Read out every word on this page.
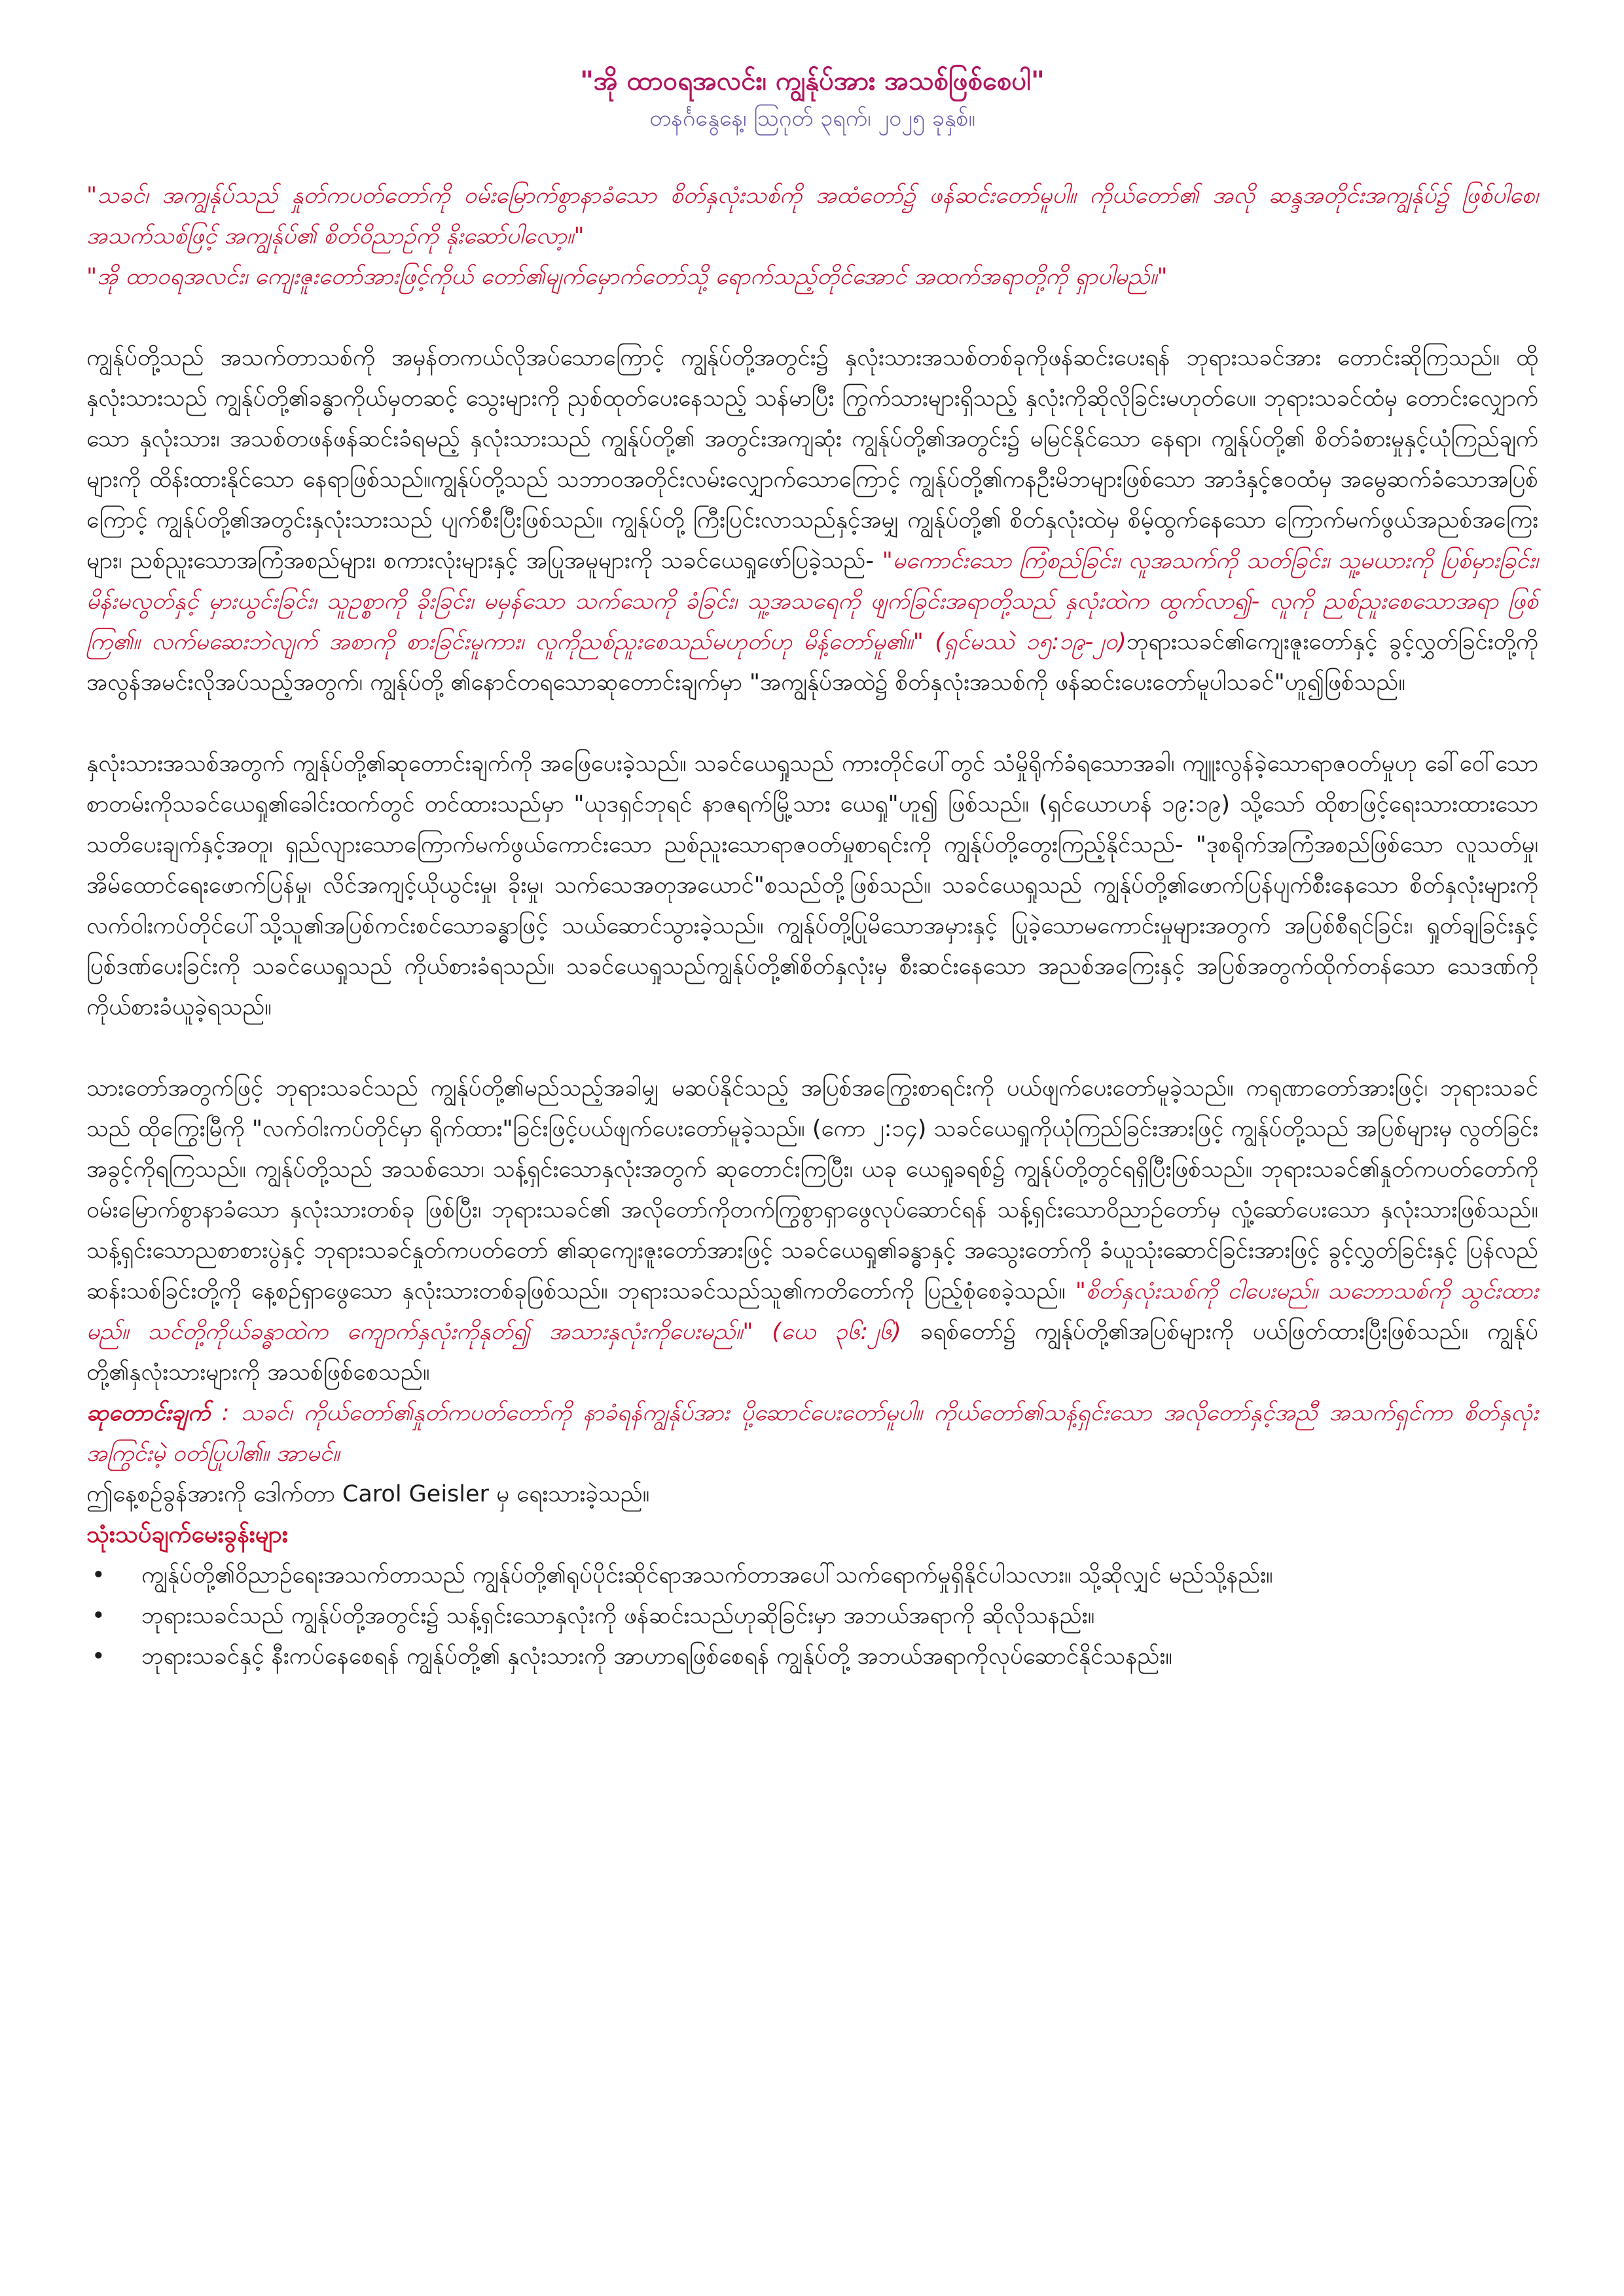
"အို ထာဝရအလင်း၊ ကျွန်ုပ်အား အသစ်ဖြစ်စေပါ"

တနင်္ဂနွေနေ့၊ ဩဂုတ် ၃ရက်၊ ၂၀၂၅ ခုနှစ်။

"သခင်၊ အကျွန်ုပ်သည် နှုတ်ကပတ်တော်ကို ဝမ်းမြောက်စွာနာခံသော စိတ်နှလုံးသစ်ကို အထံတော်၌ ဖန်ဆင်းတော်မူပါ။ ကိုယ်တော်၏ အလို ဆန္ဒအတိုင်းအကျွန်ုပ်၌ ဖြစ်ပါစေ၊ အသက်သစ်ဖြင့် အကျွန်ုပ်၏ စိတ်ဝိညာဉ်ကို နိုးဆော်ပါလော့။"

"အို ထာဝရအလင်း၊ ကျေးဇူးတော်အားဖြင့်ကိုယ် တော်၏မျက်မှောက်တော်သို့ ရောက်သည့်တိုင်အောင် အထက်အရာတို့ကို ရှာပါမည်။"

ကျွန်ုပ်တို့သည် အသက်တာသစ်ကို အမှန်တကယ်လိုအပ်သောကြောင့် ကျွန်ုပ်တို့အတွင်း၌ နှလုံးသားအသစ်တစ်ခုကိုဖန်ဆင်းပေးရန် ဘုရားသခင်အား တောင်းဆိုကြသည်။ ထိုနှလုံးသားသည် ကျွန်ုပ်တို့၏ခန္ဓာကိုယ်မှတဆင့် သွေးများကို ညှစ်ထုတ်ပေးနေသည့် သန်မာပြီး ကြွက်သားများရှိသည့် နှလုံးကိုဆိုလိုခြင်းမဟုတ်ပေ။ ဘုရားသခင်ထံမှ တောင်းလျှောက်သော နှလုံးသား၊ အသစ်တဖန်ဖန်ဆင်းခံရမည့် နှလုံးသားသည် ကျွန်ုပ်တို့၏ အတွင်းအကျဆုံး ကျွန်ုပ်တို့၏အတွင်း၌ မမြင်နိုင်သော နေရာ၊ ကျွန်ုပ်တို့၏ စိတ်ခံစားမှုနှင့်ယုံကြည်ချက်များကို ထိန်းထားနိုင်သော နေရာဖြစ်သည်။ကျွန်ုပ်တို့သည် သဘာဝအတိုင်းလမ်းလျှောက်သောကြောင့် ကျွန်ုပ်တို့၏ကနဦးမိဘများဖြစ်သော အာဒံနှင့်ဧဝထံမှ အမွေဆက်ခံသောအပြစ်ကြောင့် ကျွန်ုပ်တို့၏အတွင်းနှလုံးသားသည် ပျက်စီးပြီးဖြစ်သည်။ ကျွန်ုပ်တို့ ကြီးပြင်းလာသည်နှင့်အမျှ ကျွန်ုပ်တို့၏ စိတ်နှလုံးထဲမှ စိမ့်ထွက်နေသော ကြောက်မက်ဖွယ်အညစ်အကြေးများ၊ ညစ်ညူးသောအကြံအစည်များ၊ စကားလုံးများနှင့် အပြုအမူများကို သခင်ယေရှုဖော်ပြခဲ့သည်- "မကောင်းသော ကြံစည်ခြင်း၊ လူအသက်ကို သတ်ခြင်း၊ သူ့မယားကို ပြစ်မှားခြင်း၊ မိန်းမလွတ်နှင့် မှားယွင်းခြင်း၊ သူဥစ္စာကို ခိုးခြင်း၊ မမှန်သော သက်သေကို ခံခြင်း၊ သူ့အသရေကို ဖျက်ခြင်းအရာတို့သည် နှလုံးထဲက ထွက်လာ၍- လူကို ညစ်ညူးစေသောအရာ ဖြစ်ကြ၏။ လက်မဆေးဘဲလျက် အစာကို စားခြင်းမူကား၊ လူကိုညစ်ညူးစေသည်မဟုတ်ဟု မိန့်တော်မူ၏။" (ရှင်မဿဲ ၁၅:၁၉-၂၀)ဘုရားသခင်၏ကျေးဇူးတော်နှင့် ခွင့်လွှတ်ခြင်းတို့ကို အလွန်အမင်းလိုအပ်သည့်အတွက်၊ ကျွန်ုပ်တို့ ၏နောင်တရသောဆုတောင်းချက်မှာ "အကျွန်ုပ်အထဲ၌ စိတ်နှလုံးအသစ်ကို ဖန်ဆင်းပေးတော်မူပါသခင်"ဟူ၍ဖြစ်သည်။

နှလုံးသားအသစ်အတွက် ကျွန်ုပ်တို့၏ဆုတောင်းချက်ကို အဖြေပေးခဲ့သည်။ သခင်ယေရှုသည် ကားတိုင်ပေါ်တွင် သံမှိုရိုက်ခံရသောအခါ၊ ကျူးလွန်ခဲ့သောရာဇဝတ်မှုဟု ခေါ်ဝေါ်သောစာတမ်းကိုသခင်ယေရှု၏ခေါင်းထက်တွင် တင်ထားသည်မှာ "ယုဒရှင်ဘုရင် နာဇရက်မြို့သား ယေရှု"ဟူ၍ ဖြစ်သည်။ (ရှင်ယောဟန် ၁၉:၁၉) သို့သော် ထိုစာဖြင့်ရေးသားထားသောသတိပေးချက်နှင့်အတူ၊ ရှည်လျားသောကြောက်မက်ဖွယ်ကောင်းသော ညစ်ညူးသောရာဇဝတ်မှုစာရင်းကို ကျွန်ုပ်တို့တွေးကြည့်နိုင်သည်- "ဒုစရိုက်အကြံအစည်ဖြစ်သော လူသတ်မှု၊ အိမ်ထောင်ရေးဖောက်ပြန်မှု၊ လိင်အကျင့်ယိုယွင်းမှု၊ ခိုးမှု၊ သက်သေအတုအယောင်"စသည်တို့ဖြစ်သည်။ သခင်ယေရှုသည် ကျွန်ုပ်တို့၏ဖောက်ပြန်ပျက်စီးနေသော စိတ်နှလုံးများကို လက်ဝါးကပ်တိုင်ပေါ်သို့သူ၏အပြစ်ကင်းစင်သောခန္ဓာဖြင့် သယ်ဆောင်သွားခဲ့သည်။ ကျွန်ုပ်တို့ပြုမိသောအမှားနှင့် ပြုခဲ့သောမကောင်းမှုများအတွက် အပြစ်စီရင်ခြင်း၊ ရှုတ်ချခြင်းနှင့် ပြစ်ဒဏ်ပေးခြင်းကို သခင်ယေရှုသည် ကိုယ်စားခံရသည်။ သခင်ယေရှုသည်ကျွန်ုပ်တို့၏စိတ်နှလုံးမှ စီးဆင်းနေသော အညစ်အကြေးနှင့် အပြစ်အတွက်ထိုက်တန်သော သေဒဏ်ကို ကိုယ်စားခံယူခဲ့ရသည်။

သားတော်အတွက်ဖြင့် ဘုရားသခင်သည် ကျွန်ုပ်တို့၏မည်သည့်အခါမျှ မဆပ်နိုင်သည့် အပြစ်အကြွေးစာရင်းကို ပယ်ဖျက်ပေးတော်မူခဲ့သည်။ ကရုဏာတော်အားဖြင့်၊ ဘုရားသခင်သည် ထိုကြွေးမြီကို "လက်ဝါးကပ်တိုင်မှာ ရိုက်ထား"ခြင်းဖြင့်ပယ်ဖျက်ပေးတော်မူခဲ့သည်။ (ကော ၂:၁၄) သခင်ယေရှုကိုယုံကြည်ခြင်းအားဖြင့် ကျွန်ုပ်တို့သည် အပြစ်များမှ လွတ်ခြင်းအခွင့်ကိုရကြသည်။ ကျွန်ုပ်တို့သည် အသစ်သော၊ သန့်ရှင်းသောနှလုံးအတွက် ဆုတောင်းကြပြီး၊ ယခု ယေရှုခရစ်၌ ကျွန်ုပ်တို့တွင်ရရှိပြီးဖြစ်သည်။ ဘုရားသခင်၏နှုတ်ကပတ်တော်ကို ဝမ်းမြောက်စွာနာခံသော နှလုံးသားတစ်ခု ဖြစ်ပြီး၊ ဘုရားသခင်၏ အလိုတော်ကိုတက်ကြွစွာရှာဖွေလုပ်ဆောင်ရန် သန့်ရှင်းသောဝိညာဉ်တော်မှ လှုံ့ဆော်ပေးသော နှလုံးသားဖြစ်သည်။ သန့်ရှင်းသောညစာစားပွဲနှင့် ဘုရားသခင်နှုတ်ကပတ်တော် ၏ဆုကျေးဇူးတော်အားဖြင့် သခင်ယေရှု၏ခန္ဓာနှင့် အသွေးတော်ကို ခံယူသုံးဆောင်ခြင်းအားဖြင့် ခွင့်လွှတ်ခြင်းနှင့် ပြန်လည်ဆန်းသစ်ခြင်းတို့ကို နေ့စဉ်ရှာဖွေသော နှလုံးသားတစ်ခုဖြစ်သည်။ ဘုရားသခင်သည်သူ၏ကတိတော်ကို ပြည့်စုံစေခဲ့သည်။ "စိတ်နှလုံးသစ်ကို ငါပေးမည်။ သဘောသစ်ကို သွင်းထားမည်။ သင်တို့ကိုယ်ခန္ဓာထဲက ကျောက်နှလုံးကိုနုတ်၍ အသားနှလုံးကိုပေးမည်။" (ယေ ၃၆:၂၆) ခရစ်တော်၌ ကျွန်ုပ်တို့၏အပြစ်များကို ပယ်ဖြတ်ထားပြီးဖြစ်သည်။ ကျွန်ုပ်တို့၏နှလုံးသားများကို အသစ်ဖြစ်စေသည်။

ဆုတောင်းချက် : သခင်၊ ကိုယ်တော်၏နှုတ်ကပတ်တော်ကို နာခံရန်ကျွန်ုပ်အား ပို့ဆောင်ပေးတော်မူပါ။ ကိုယ်တော်၏သန့်ရှင်းသော အလိုတော်နှင့်အညီ အသက်ရှင်ကာ စိတ်နှလုံးအကြွင်းမဲ့ ဝတ်ပြုပါ၏။ အာမင်။

ဤနေ့စဉ်ခွန်အားကို ဒေါက်တာ Carol Geisler မှ ရေးသားခဲ့သည်။

သုံးသပ်ချက်မေးခွန်းများ

•	ကျွန်ုပ်တို့၏ဝိညာဉ်ရေးအသက်တာသည် ကျွန်ုပ်တို့၏ရုပ်ပိုင်းဆိုင်ရာအသက်တာအပေါ်သက်ရောက်မှုရှိနိုင်ပါသလား။ သို့ဆိုလျှင် မည်သို့နည်း။
•	ဘုရားသခင်သည် ကျွန်ုပ်တို့အတွင်း၌ သန့်ရှင်းသောနှလုံးကို ဖန်ဆင်းသည်ဟုဆိုခြင်းမှာ အဘယ်အရာကို ဆိုလိုသနည်း။
•	ဘုရားသခင်နှင့် နီးကပ်နေစေရန် ကျွန်ုပ်တို့၏ နှလုံးသားကို အာဟာရဖြစ်စေရန် ကျွန်ုပ်တို့ အဘယ်အရာကိုလုပ်ဆောင်နိုင်သနည်း။
